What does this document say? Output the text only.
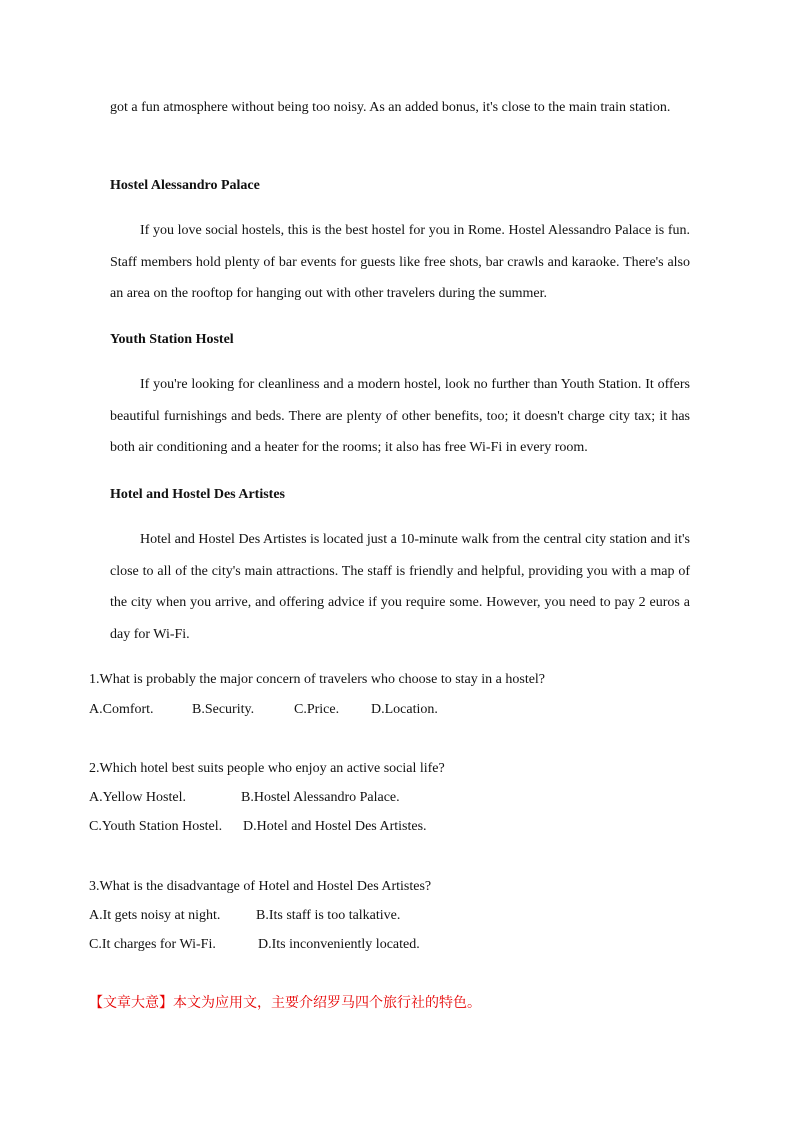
got a fun atmosphere without being too noisy. As an added bonus, it's close to the main train station.

Hostel Alessandro Palace

If you love social hostels, this is the best hostel for you in Rome. Hostel Alessandro Palace is fun. Staff members hold plenty of bar events for guests like free shots, bar crawls and karaoke. There's also an area on the rooftop for hanging out with other travelers during the summer.

Youth Station Hostel

If you're looking for cleanliness and a modern hostel, look no further than Youth Station. It offers beautiful furnishings and beds. There are plenty of other benefits, too; it doesn't charge city tax; it has both air conditioning and a heater for the rooms; it also has free Wi-Fi in every room.

Hotel and Hostel Des Artistes

Hotel and Hostel Des Artistes is located just a 10-minute walk from the central city station and it's close to all of the city's main attractions. The staff is friendly and helpful, providing you with a map of the city when you arrive, and offering advice if you require some. However, you need to pay 2 euros a day for Wi-Fi.

1.What is probably the major concern of travelers who choose to stay in a hostel?

A.Comfort.	B.Security.	C.Price. D.Location.

2.Which hotel best suits people who enjoy an active social life?

A.Yellow Hostel.	B.Hostel Alessandro Palace.
C.Youth Station Hostel. D.Hotel and Hostel Des Artistes.

3.What is the disadvantage of Hotel and Hostel Des Artistes?

A.It gets noisy at night.	B.Its staff is too talkative.
C.It charges for Wi-Fi.	D.Its inconveniently located.
【文章大意】本文为应用文，主要介绍罗马四个旅行社的特色。
